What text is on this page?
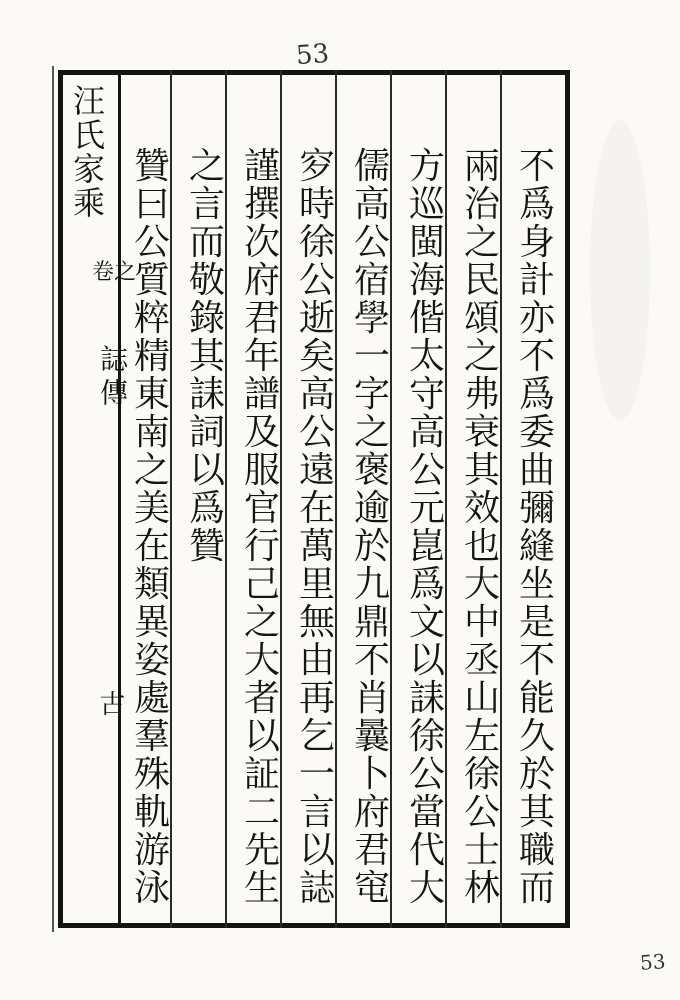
53
汪氏家乘
卷之
誌傳
古
不
爲
身
計
亦
不
爲
委
曲
彌
縫
坐
是
不
能
久
於
其
職
而
兩
治
之
民
頌
之
弗
衰
其
效
也
大
中
丞
山
左
徐
公
士
林
方
巡
閩
海
偕
太
守
高
公
元
崑
爲
文
以
誄
徐
公
當
代
大
儒
高
公
宿
學
一
字
之
褒
逾
於
九
鼎
不
肖
曩
卜
府
君
窀
穸
時
徐
公
逝
矣
高
公
遠
在
萬
里
無
由
再
乞
一
言
以
誌
謹
撰
次
府
君
年
譜
及
服
官
行
己
之
大
者
以
証
二
先
生
之
言
而
敬
錄
其
誄
詞
以
爲
贊
贊
曰
公
質
粹
精
東
南
之
美
在
類
異
姿
處
羣
殊
軌
游
泳
53
